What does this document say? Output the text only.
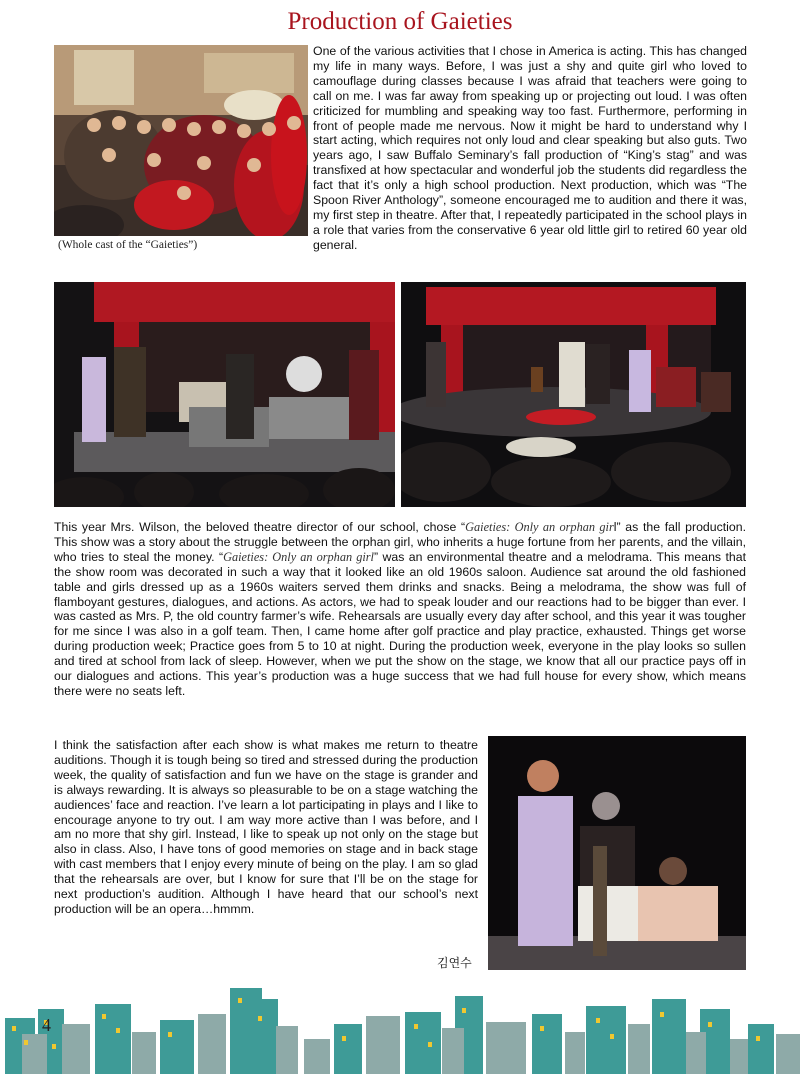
Production of Gaieties
(Whole cast of the “Gaieties”)
One of the various activities that I chose in America is acting. This has changed my life in many ways. Before, I was just a shy and quite girl who loved to camouflage during classes because I was afraid that teachers were going to call on me. I was far away from speaking up or projecting out loud. I was often criticized for mumbling and speaking way too fast. Furthermore, performing in front of people made me nervous. Now it might be hard to understand why I start acting, which requires not only loud and clear speaking but also guts. Two years ago, I saw Buffalo Seminary’s fall production of “King’s stag” and was transfixed at how spectacular and wonderful job the students did regardless the fact that it’s only a high school production. Next production, which was “The Spoon River Anthology”, someone encouraged me to audition and there it was, my first step in theatre. After that, I repeatedly participated in the school plays in a role that varies from the conservative 6 year old little girl to retired 60 year old general.
This year Mrs. Wilson, the beloved theatre director of our school, chose “Gaieties: Only an orphan girl” as the fall production. This show was a story about the struggle between the orphan girl, who inherits a huge fortune from her parents, and the villain, who tries to steal the money. “Gaieties: Only an orphan girl” was an environmental theatre and a melodrama. This means that the show room was decorated in such a way that it looked like an old 1960s saloon. Audience sat around the old fashioned table and girls dressed up as a 1960s waiters served them drinks and snacks. Being a melodrama, the show was full of flamboyant gestures, dialogues, and actions. As actors, we had to speak louder and our reactions had to be bigger than ever. I was casted as Mrs. P, the old country farmer’s wife. Rehearsals are usually every day after school, and this year it was tougher for me since I was also in a golf team. Then, I came home after golf practice and play practice, exhausted. Things get worse during production week; Practice goes from 5 to 10 at night. During the production week, everyone in the play looks so sullen and tired at school from lack of sleep. However, when we put the show on the stage, we know that all our practice pays off in our dialogues and actions. This year’s production was a huge success that we had full house for every show, which means there were no seats left.
I think the satisfaction after each show is what makes me return to theatre auditions. Though it is tough being so tired and stressed during the production week, the quality of satisfaction and fun we have on the stage is grander and is always rewarding. It is always so pleasurable to be on a stage watching the audiences’ face and reaction. I’ve learn a lot participating in plays and I like to encourage anyone to try out. I am way more active than I was before, and I am no more that shy girl. Instead, I like to speak up not only on the stage but also in class. Also, I have tons of good memories on stage and in back stage with cast members that I enjoy every minute of being on the play. I am so glad that the rehearsals are over, but I know for sure that I’ll be on the stage for next production’s audition. Although I have heard that our school’s next production will be an opera…hmmm.
김연수
4
